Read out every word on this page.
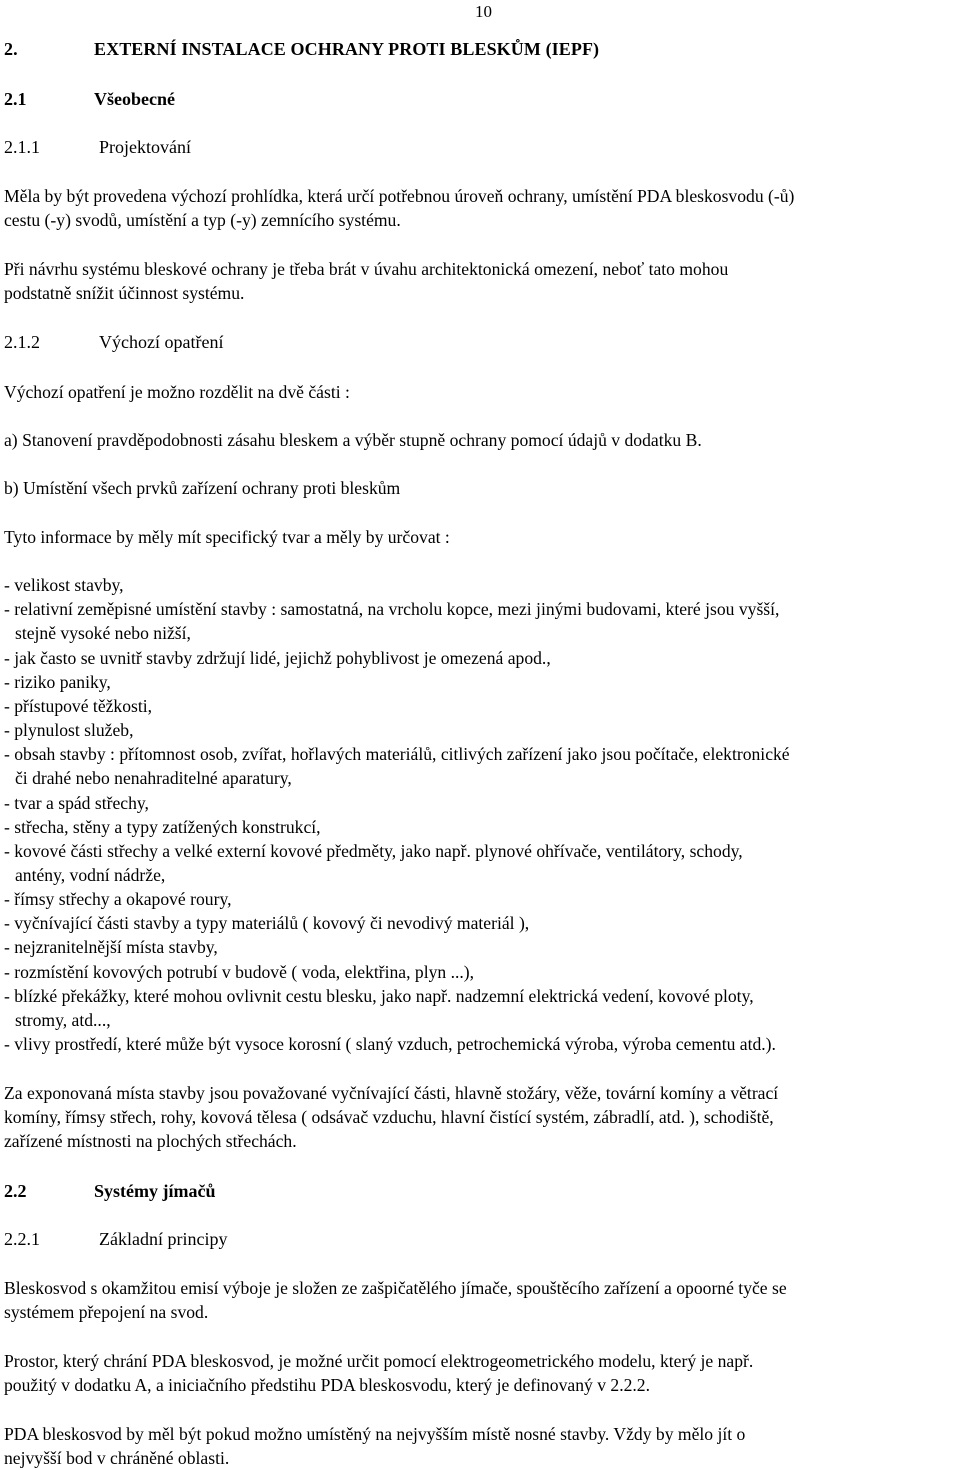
10
2.	EXTERNÍ INSTALACE OCHRANY PROTI BLESKŮM (IEPF)
2.1	Všeobecné
2.1.1	Projektování
Měla by být provedena výchozí prohlídka, která určí potřebnou úroveň ochrany, umístění PDA bleskosvodu (-ů)
cestu (-y) svodů, umístění a typ (-y) zemnícího systému.
Při návrhu systému bleskové ochrany je třeba brát v úvahu architektonická omezení, neboť tato mohou
podstatně snížit účinnost systému.
2.1.2	Výchozí opatření
Výchozí opatření je možno rozdělit na dvě části :
a) Stanovení pravděpodobnosti zásahu bleskem a výběr stupně ochrany pomocí údajů v dodatku B.
b) Umístění všech prvků zařízení ochrany proti bleskům
Tyto informace by měly mít specifický tvar a měly by určovat :
- velikost stavby,
- relativní zeměpisné umístění stavby : samostatná, na vrcholu kopce, mezi jinými budovami, které jsou vyšší,
stejně vysoké nebo nižší,
- jak často se uvnitř stavby zdržují lidé, jejichž pohyblivost je omezená apod.,
- riziko paniky,
- přístupové těžkosti,
- plynulost služeb,
- obsah stavby : přítomnost osob, zvířat, hořlavých materiálů, citlivých zařízení jako jsou počítače, elektronické
či drahé nebo nenahraditelné aparatury,
- tvar a spád střechy,
- střecha, stěny a typy zatížených konstrukcí,
- kovové části střechy a velké externí kovové předměty, jako např. plynové ohřívače, ventilátory, schody,
antény, vodní nádrže,
- římsy střechy a okapové roury,
- vyčnívající části stavby a typy materiálů ( kovový či nevodivý materiál ),
- nejzranitelnější místa stavby,
- rozmístění kovových potrubí v budově ( voda, elektřina, plyn ...),
- blízké překážky, které mohou ovlivnit cestu blesku, jako např. nadzemní elektrická vedení, kovové ploty,
stromy, atd...,
- vlivy prostředí, které může být vysoce korosní ( slaný vzduch, petrochemická výroba, výroba cementu atd.).
Za exponovaná místa stavby jsou považované vyčnívající části, hlavně stožáry, věže, tovární komíny a větrací
komíny, římsy střech, rohy, kovová tělesa ( odsávač vzduchu, hlavní čistící systém, zábradlí, atd. ), schodiště,
zařízené místnosti na plochých střechách.
2.2	Systémy jímačů
2.2.1	Základní principy
Bleskosvod s okamžitou emisí výboje je složen ze zašpičatělého jímače, spouštěcího zařízení a opoorné tyče se
systémem přepojení na svod.
Prostor, který chrání PDA bleskosvod, je možné určit pomocí elektrogeometrického modelu, který je např.
použitý v dodatku A, a iniciačního předstihu PDA bleskosvodu, který je definovaný v 2.2.2.
PDA bleskosvod by měl být pokud možno umístěný na nejvyšším místě nosné stavby. Vždy by mělo jít o
nejvyšší bod v chráněné oblasti.
